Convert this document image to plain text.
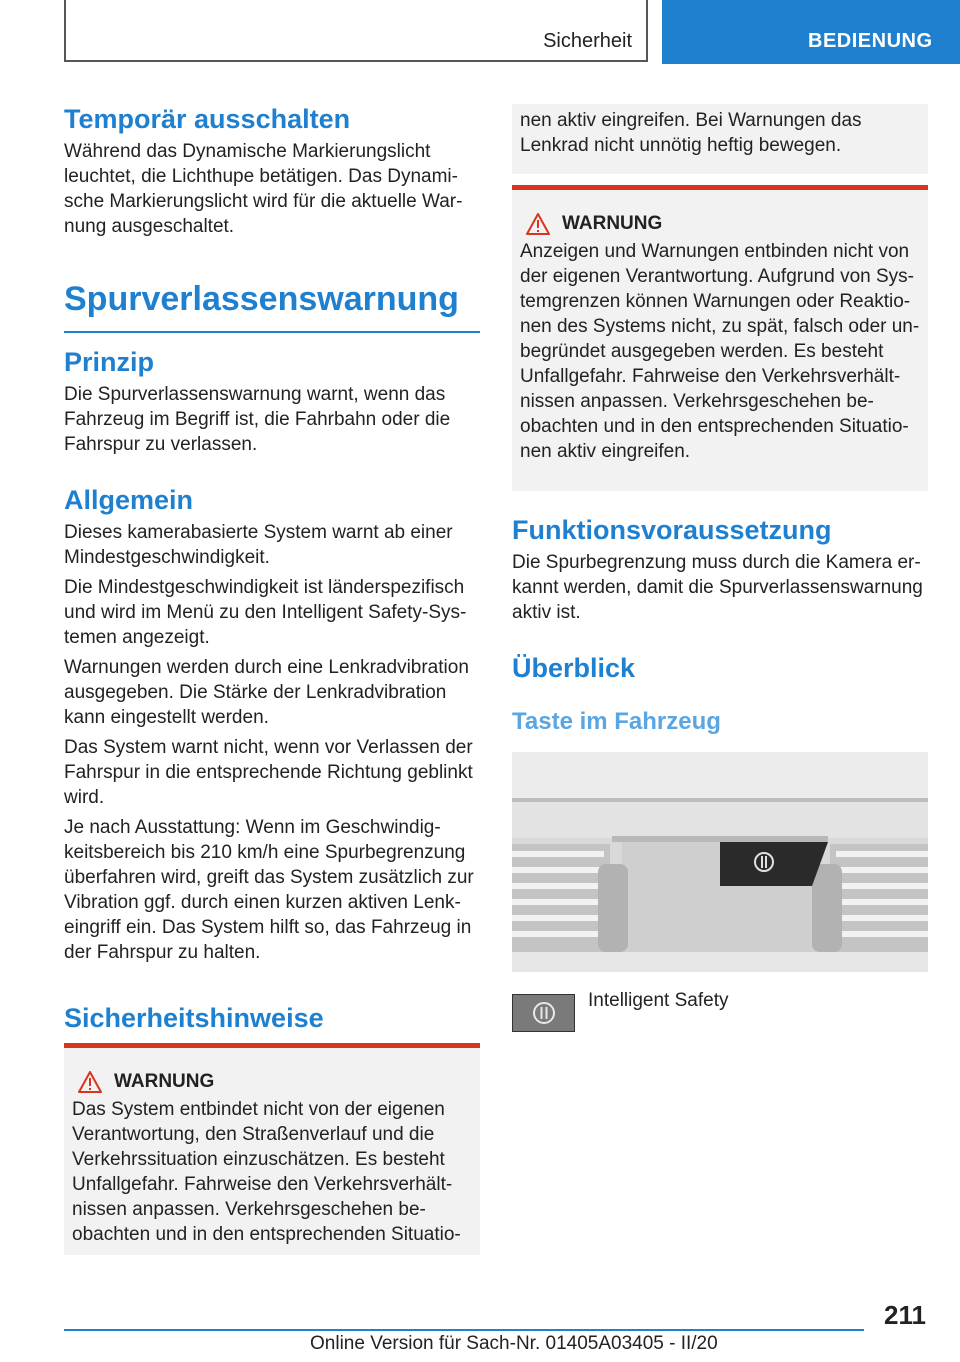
Sicherheit	BEDIENUNG
Temporär ausschalten

Während das Dynamische Markierungslicht leuchtet, die Lichthupe betätigen. Das Dynami-sche Markierungslicht wird für die aktuelle War-nung ausgeschaltet.

Spurverlassenswarnung
Prinzip

Die Spurverlassenswarnung warnt, wenn das Fahrzeug im Begriff ist, die Fahrbahn oder die Fahrspur zu verlassen.

Allgemein

Dieses kamerabasierte System warnt ab einer Mindestgeschwindigkeit.

Die Mindestgeschwindigkeit ist länderspezifisch und wird im Menü zu den Intelligent Safety-Sys-temen angezeigt.

Warnungen werden durch eine Lenkradvibration ausgegeben. Die Stärke der Lenkradvibration kann eingestellt werden.

Das System warnt nicht, wenn vor Verlassen der Fahrspur in die entsprechende Richtung geblinkt wird.

Je nach Ausstattung: Wenn im Geschwindig-keitsbereich bis 210 km/h eine Spurbegrenzung überfahren wird, greift das System zusätzlich zur Vibration ggf. durch einen kurzen aktiven Lenk-eingriff ein. Das System hilft so, das Fahrzeug in der Fahrspur zu halten.

Sicherheitshinweise
WARNUNG

Das System entbindet nicht von der eigenen Verantwortung, den Straßenverlauf und die Verkehrssituation einzuschätzen. Es besteht Unfallgefahr. Fahrweise den Verkehrsverhält-nissen anpassen. Verkehrsgeschehen be-obachten und in den entsprechenden Situatio-

nen aktiv eingreifen. Bei Warnungen das Lenkrad nicht unnötig heftig bewegen.

WARNUNG

Anzeigen und Warnungen entbinden nicht von der eigenen Verantwortung. Aufgrund von Sys-temgrenzen können Warnungen oder Reaktio-nen des Systems nicht, zu spät, falsch oder un-begründet ausgegeben werden. Es besteht Unfallgefahr. Fahrweise den Verkehrsverhält-nissen anpassen. Verkehrsgeschehen be-obachten und in den entsprechenden Situatio-nen aktiv eingreifen.

Funktionsvoraussetzung

Die Spurbegrenzung muss durch die Kamera er-kannt werden, damit die Spurverlassenswarnung aktiv ist.

Überblick
Taste im Fahrzeug
Intelligent Safety
211
Online Version für Sach-Nr. 01405A03405 - II/20
